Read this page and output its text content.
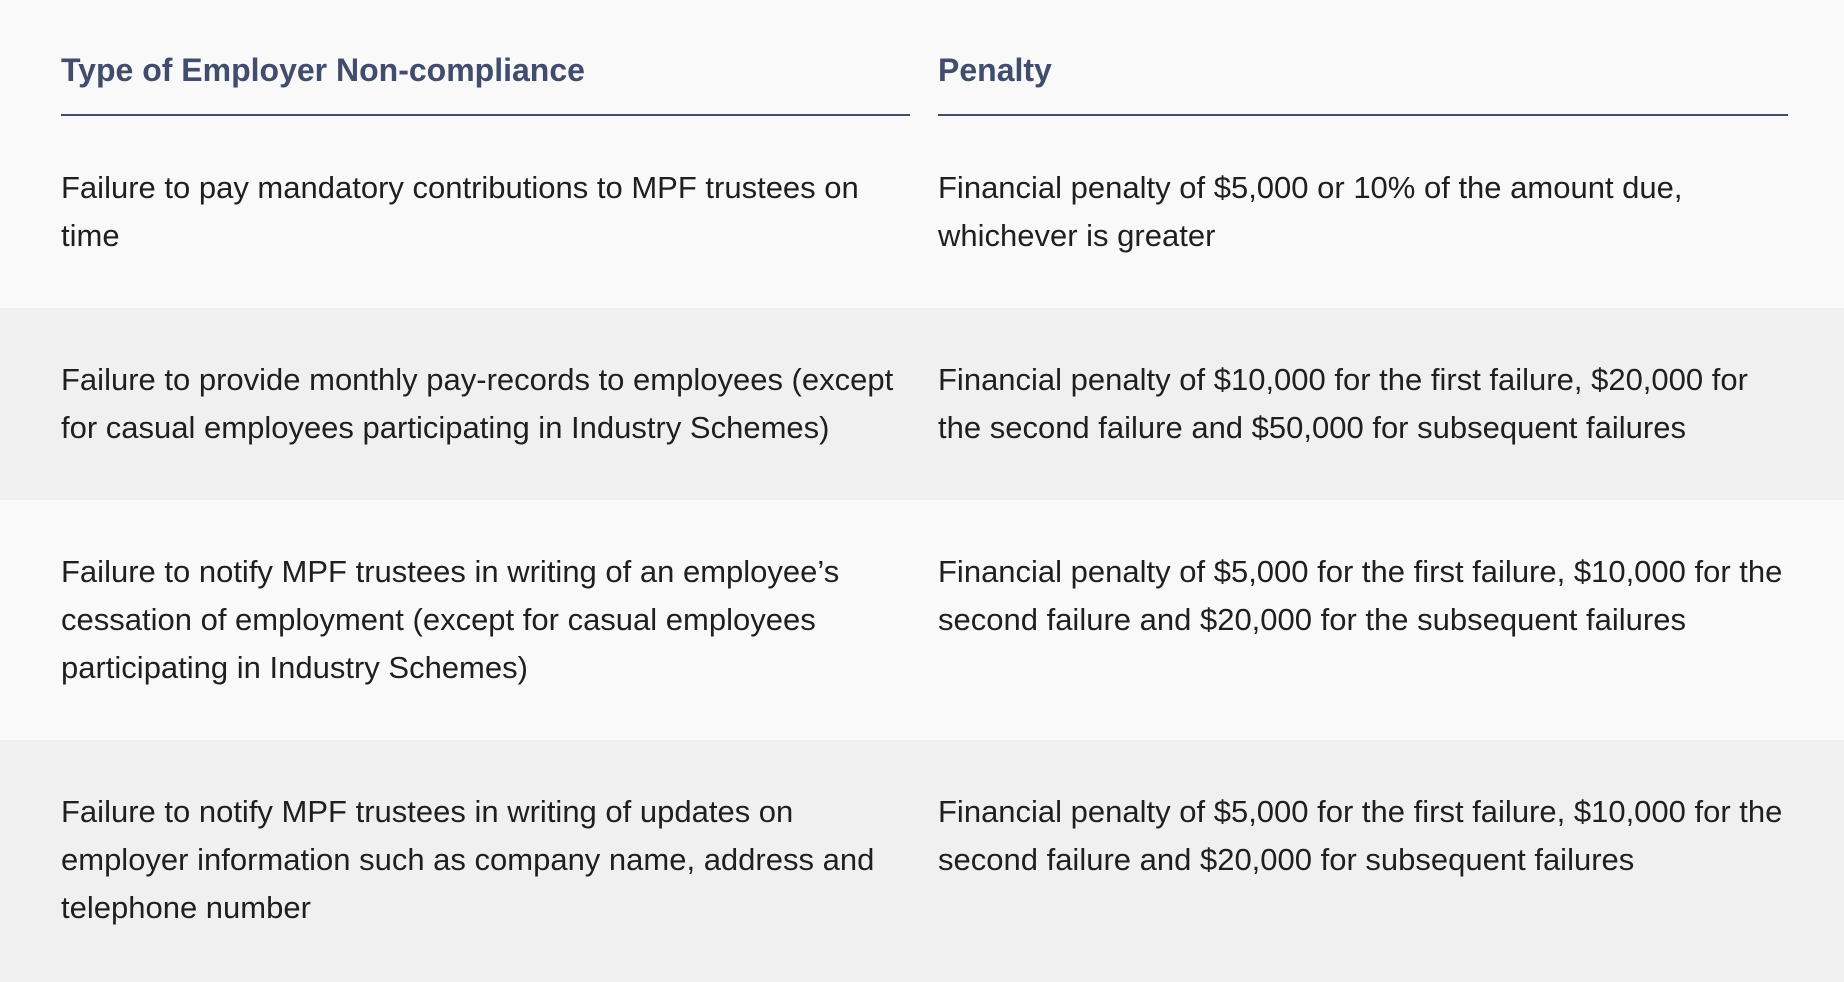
Type of Employer Non-compliance	Penalty
Failure to pay mandatory contributions to MPF trustees on time
Financial penalty of $5,000 or 10% of the amount due, whichever is greater
Failure to provide monthly pay-records to employees (except for casual employees participating in Industry Schemes)
Financial penalty of $10,000 for the first failure, $20,000 for the second failure and $50,000 for subsequent failures
Failure to notify MPF trustees in writing of an employee’s cessation of employment (except for casual employees participating in Industry Schemes)
Financial penalty of $5,000 for the first failure, $10,000 for the second failure and $20,000 for the subsequent failures
Failure to notify MPF trustees in writing of updates on employer information such as company name, address and telephone number
Financial penalty of $5,000 for the first failure, $10,000 for the second failure and $20,000 for subsequent failures
